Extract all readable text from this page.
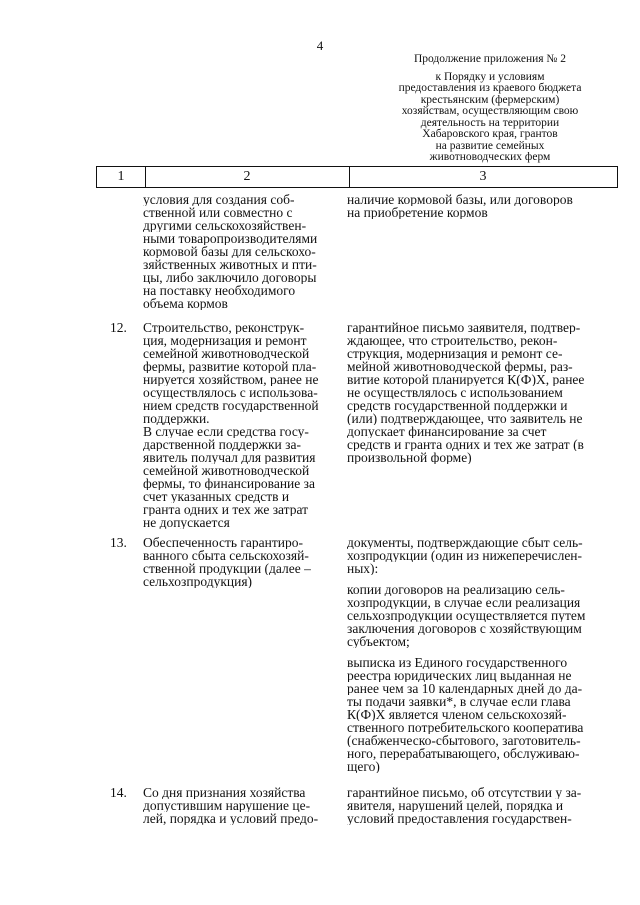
4
Продолжение приложения № 2
к Порядку и условиям
предоставления из краевого бюджета
крестьянским (фермерским)
хозяйствам, осуществляющим свою
деятельность на территории
Хабаровского края, грантов
на развитие семейных
животноводческих ферм
1	2	3
условия для создания соб-
ственной или совместно с
другими сельскохозяйствен-
ными товаропроизводителями
кормовой базы для сельскохо-
зяйственных животных и пти-
цы, либо заключило договоры
на поставку необходимого
объема кормов
наличие кормовой базы, или договоров
на приобретение кормов
12. Строительство, реконструк-
ция, модернизация и ремонт
семейной животноводческой
фермы, развитие которой пла-
нируется хозяйством, ранее не
осуществлялось с использова-
нием средств государственной
поддержки.
В случае если средства госу-
дарственной поддержки за-
явитель получал для развития
семейной животноводческой
фермы, то финансирование за
счет указанных средств и
гранта одних и тех же затрат
не допускается
гарантийное письмо заявителя, подтвер-
ждающее, что строительство, рекон-
струкция, модернизация и ремонт се-
мейной животноводческой фермы, раз-
витие которой планируется К(Ф)Х, ранее
не осуществлялось с использованием
средств государственной поддержки и
(или) подтверждающее, что заявитель не
допускает финансирование за счет
средств и гранта одних и тех же затрат (в
произвольной форме)
13. Обеспеченность гарантиро-
ванного сбыта сельскохозяй-
ственной продукции (далее –
сельхозпродукция)
документы, подтверждающие сбыт сель-
хозпродукции (один из нижеперечислен-
ных):
копии договоров на реализацию сель-
хозпродукции, в случае если реализация
сельхозпродукции осуществляется путем
заключения договоров с хозяйствующим
субъектом;
выписка из Единого государственного
реестра юридических лиц выданная не
ранее чем за 10 календарных дней до да-
ты подачи заявки*, в случае если глава
К(Ф)Х является членом сельскохозяй-
ственного потребительского кооператива
(снабженческо-сбытового, заготовитель-
ного, перерабатывающего, обслуживаю-
щего)
14. Со дня признания хозяйства
допустившим нарушение це-
лей, порядка и условий предо-
гарантийное письмо, об отсутствии у за-
явителя, нарушений целей, порядка и
условий предоставления государствен-
